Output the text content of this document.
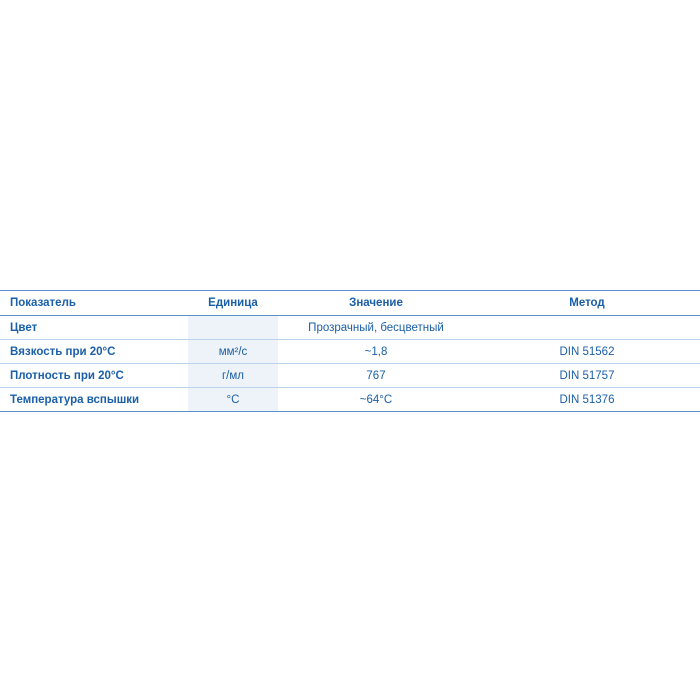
Показатель	Единица	Значение	Метод
Цвет		Прозрачный, бесцветный	
Вязкость при 20°C	мм²/с	~1,8	DIN 51562
Плотность при 20°C	г/мл	767	DIN 51757
Температура вспышки	°C	~64°C	DIN 51376
